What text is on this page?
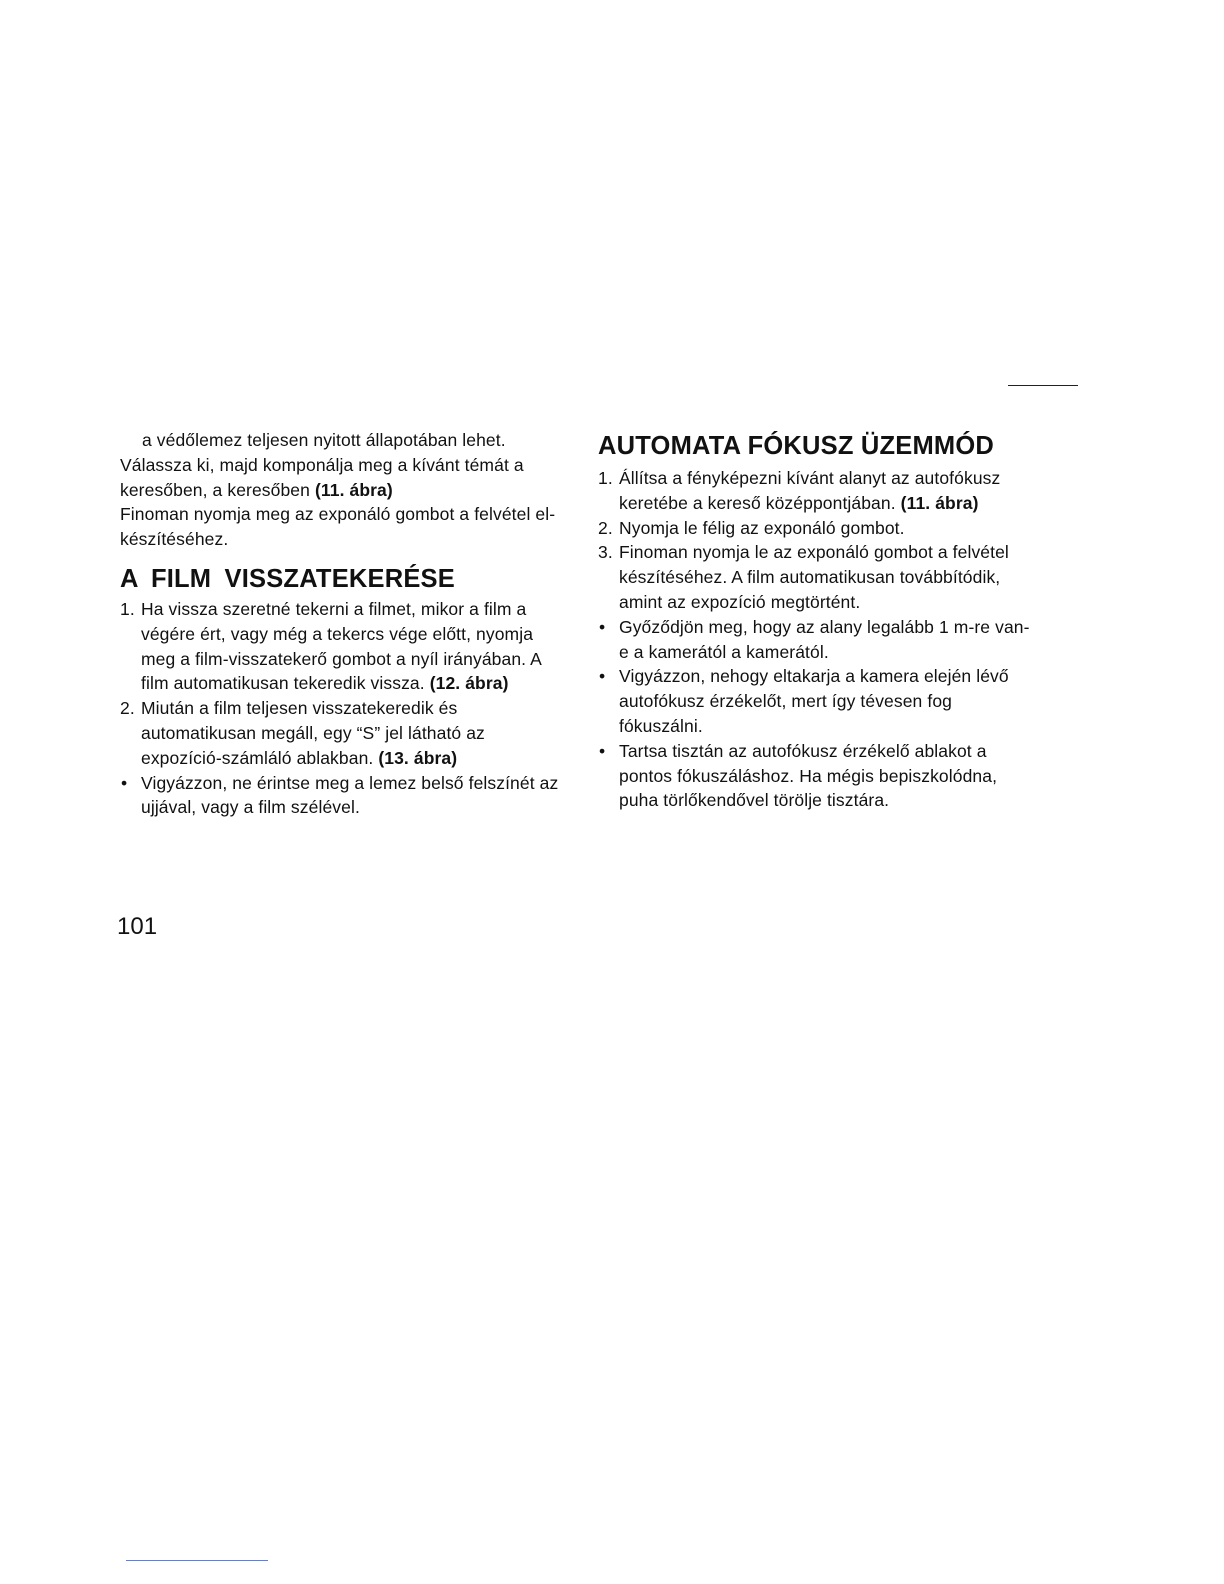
a védőlemez teljesen nyitott állapotában lehet.

Válassza ki, majd komponálja meg a kívánt témát a keresőben, a keresőben (11. ábra)

Finoman nyomja meg az exponáló gombot a felvétel el-készítéséhez.

A FILM VISSZATEKERÉSE

1. Ha vissza szeretné tekerni a filmet, mikor a film a végére ért, vagy még a tekercs vége előtt, nyomja meg a film-visszatekerő gombot a nyíl irányában. A film automatikusan tekeredik vissza. (12. ábra)

2. Miután a film teljesen visszatekeredik és automatikusan megáll, egy “S” jel látható az expozíció-számláló ablakban. (13. ábra)

• Vigyázzon, ne érintse meg a lemez belső felszínét az ujjával, vagy a film szélével.

AUTOMATA FÓKUSZ ÜZEMMÓD

1. Állítsa a fényképezni kívánt alanyt az autofókusz keretébe a kereső középpontjában. (11. ábra)

2. Nyomja le félig az exponáló gombot.

3. Finoman nyomja le az exponáló gombot a felvétel készítéséhez. A film automatikusan továbbítódik, amint az expozíció megtörtént.

• Győződjön meg, hogy az alany legalább 1 m-re van-e a kamerától a kamerától.

• Vigyázzon, nehogy eltakarja a kamera elején lévő autofókusz érzékelőt, mert így tévesen fog fókuszálni.

• Tartsa tisztán az autofókusz érzékelő ablakot a pontos fókuszáláshoz. Ha mégis bepiszkolódna, puha törlőkendővel törölje tisztára.

101
